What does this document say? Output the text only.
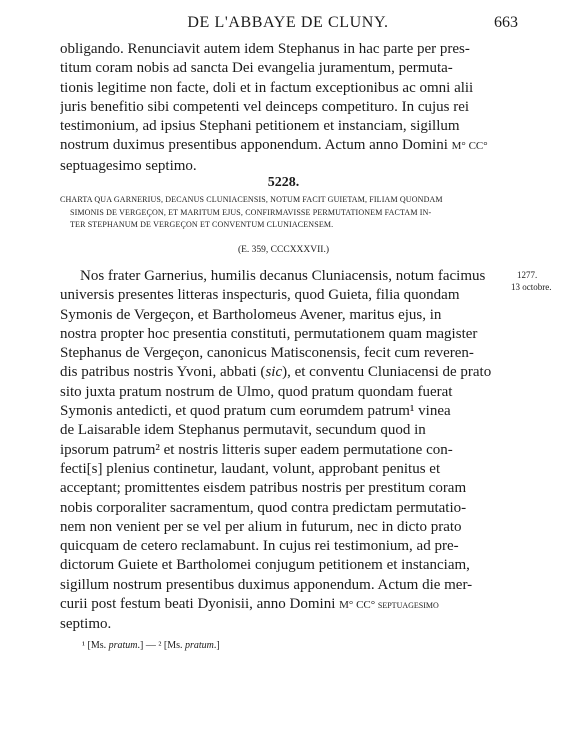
DE L'ABBAYE DE CLUNY.	663
obligando. Renunciavit autem idem Stephanus in hac parte per pres-
titum coram nobis ad sancta Dei evangelia juramentum, permuta-
tionis legitime non facte, doli et in factum exceptionibus ac omni alii
juris benefitio sibi competenti vel deinceps competituro. In cujus rei
testimonium, ad ipsius Stephani petitionem et instanciam, sigillum
nostrum duximus presentibus apponendum. Actum anno Domini M° CC°
septuagesimo septimo.
5228.
CHARTA QUA GARNERIUS, DECANUS CLUNIACENSIS, NOTUM FACIT GUIETAM, FILIAM QUONDAM
SIMONIS DE VERGEÇON, ET MARITUM EJUS, CONFIRMAVISSE PERMUTATIONEM FACTAM IN-
TER STEPHANUM DE VERGEÇON ET CONVENTUM CLUNIACENSEM.
(E. 359, CCCXXXVII.)
1277.
13 octobre.
Nos frater Garnerius, humilis decanus Cluniacensis, notum facimus
universis presentes litteras inspecturis, quod Guieta, filia quondam
Symonis de Vergeçon, et Bartholomeus Avener, maritus ejus, in
nostra propter hoc presentia constituti, permutationem quam magister
Stephanus de Vergeçon, canonicus Matisconensis, fecit cum reveren-
dis patribus nostris Yvoni, abbati (sic), et conventu Cluniacensi de prato
sito juxta pratum nostrum de Ulmo, quod pratum quondam fuerat
Symonis antedicti, et quod pratum cum eorumdem patrum¹ vinea
de Laisarable idem Stephanus permutavit, secundum quod in
ipsorum patrum² et nostris litteris super eadem permutatione con-
fecti[s] plenius continetur, laudant, volunt, approbant penitus et
acceptant; promittentes eisdem patribus nostris per prestitum coram
nobis corporaliter sacramentum, quod contra predictam permutatio-
nem non venient per se vel per alium in futurum, nec in dicto prato
quicquam de cetero reclamabunt. In cujus rei testimonium, ad pre-
dictorum Guiete et Bartholomei conjugum petitionem et instanciam,
sigillum nostrum presentibus duximus apponendum. Actum die mer-
curii post festum beati Dyonisii, anno Domini M° CC° septuagesimo
septimo.
¹ [Ms. pratum.] — ² [Ms. pratum.]
